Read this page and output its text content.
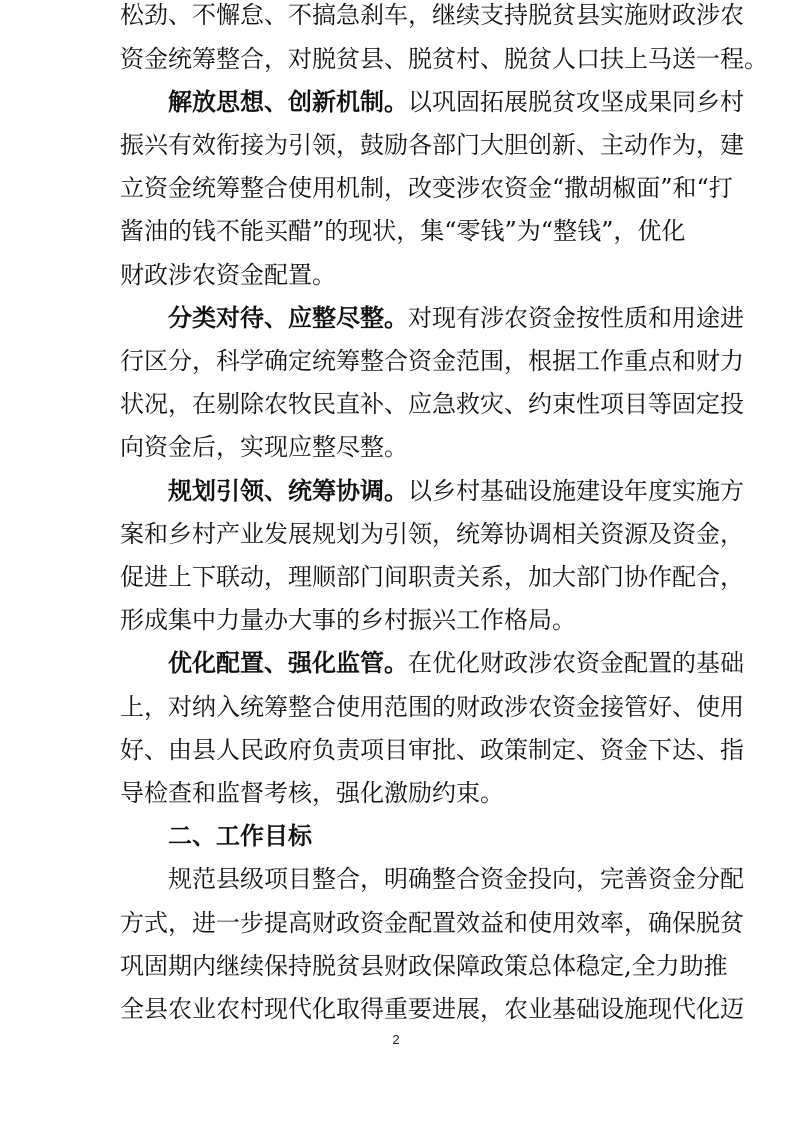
松劲、不懈怠、不搞急刹车，继续支持脱贫县实施财政涉农
资金统筹整合，对脱贫县、脱贫村、脱贫人口扶上马送一程。
解放思想、创新机制。以巩固拓展脱贫攻坚成果同乡村
振兴有效衔接为引领，鼓励各部门大胆创新、主动作为，建
立资金统筹整合使用机制，改变涉农资金“撒胡椒面”和“打
酱油的钱不能买醋”的现状，集“零钱”为“整钱”，优化
财政涉农资金配置。
分类对待、应整尽整。对现有涉农资金按性质和用途进
行区分，科学确定统筹整合资金范围，根据工作重点和财力
状况，在剔除农牧民直补、应急救灾、约束性项目等固定投
向资金后，实现应整尽整。
规划引领、统筹协调。以乡村基础设施建设年度实施方
案和乡村产业发展规划为引领，统筹协调相关资源及资金，
促进上下联动，理顺部门间职责关系，加大部门协作配合，
形成集中力量办大事的乡村振兴工作格局。
优化配置、强化监管。在优化财政涉农资金配置的基础
上，对纳入统筹整合使用范围的财政涉农资金接管好、使用
好、由县人民政府负责项目审批、政策制定、资金下达、指
导检查和监督考核，强化激励约束。
二、工作目标
规范县级项目整合，明确整合资金投向，完善资金分配
方式，进一步提高财政资金配置效益和使用效率，确保脱贫
巩固期内继续保持脱贫县财政保障政策总体稳定,全力助推
全县农业农村现代化取得重要进展，农业基础设施现代化迈
2
